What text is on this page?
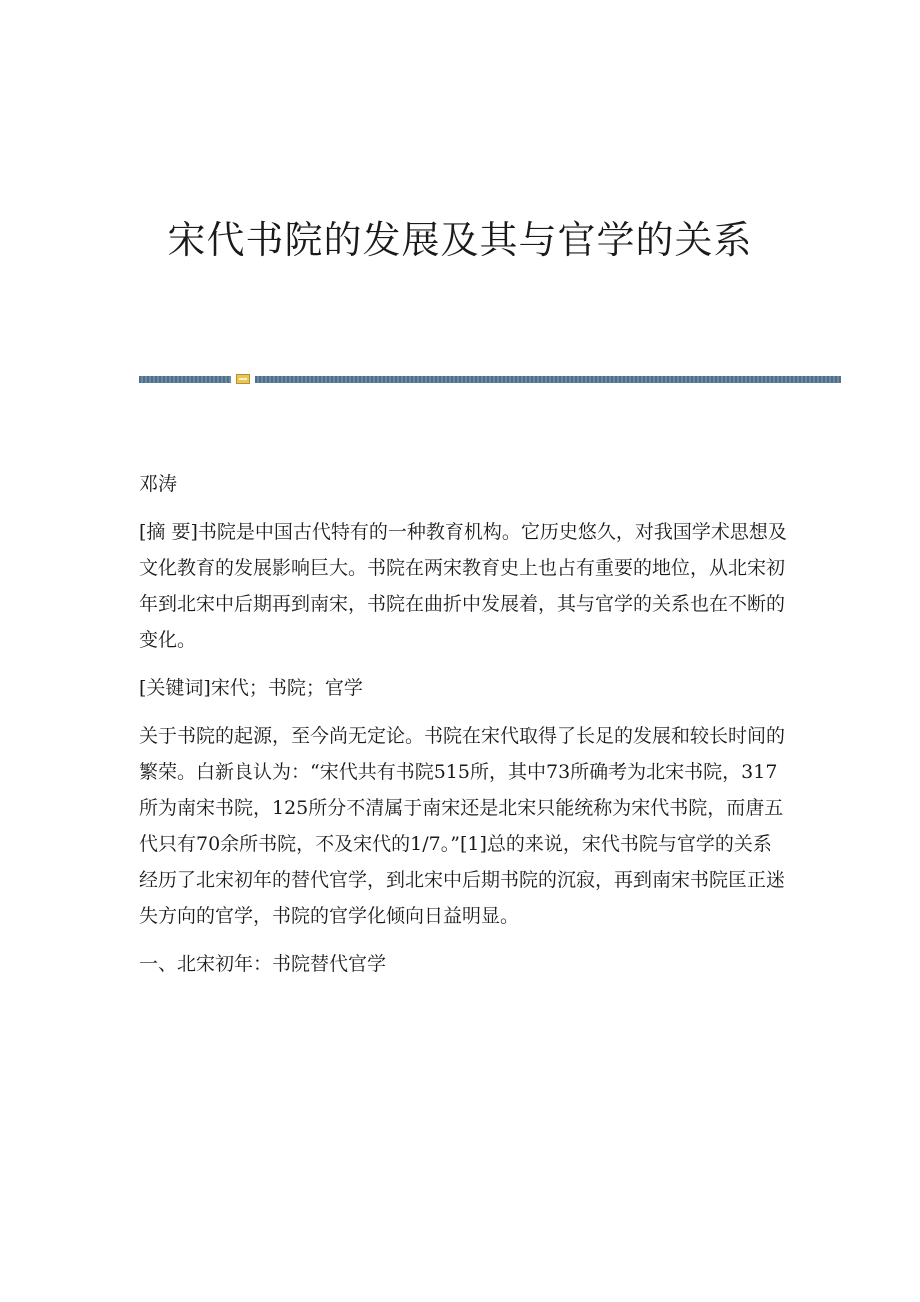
宋代书院的发展及其与官学的关系

邓涛

[摘 要]书院是中国古代特有的一种教育机构。它历史悠久，对我国学术思想及文化教育的发展影响巨大。书院在两宋教育史上也占有重要的地位，从北宋初年到北宋中后期再到南宋，书院在曲折中发展着，其与官学的关系也在不断的变化。

[关键词]宋代；书院；官学

关于书院的起源，至今尚无定论。书院在宋代取得了长足的发展和较长时间的繁荣。白新良认为：“宋代共有书院515所，其中73所确考为北宋书院，317所为南宋书院，125所分不清属于南宋还是北宋只能统称为宋代书院，而唐五代只有70余所书院，不及宋代的1/7。”[1]总的来说，宋代书院与官学的关系经历了北宋初年的替代官学，到北宋中后期书院的沉寂，再到南宋书院匡正迷失方向的官学，书院的官学化倾向日益明显。

一、北宋初年：书院替代官学
